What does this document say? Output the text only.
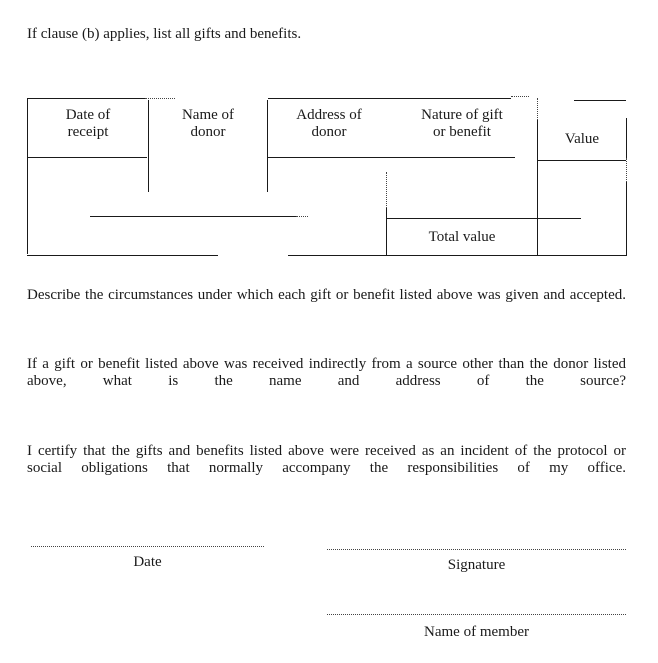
If clause (b) applies, list all gifts and benefits.
Date of
receipt
Name of
donor
Address of
donor
Nature of gift
or benefit	Value
Total value

Describe the circumstances under which each gift or benefit listed above was given and accepted.

If a gift or benefit listed above was received indirectly from a source other than the donor listed above, what is the name and address of the source?

I certify that the gifts and benefits listed above were received as an incident of the protocol or social obligations that normally accompany the responsibilities of my office.

Date	Signature
Name of member
